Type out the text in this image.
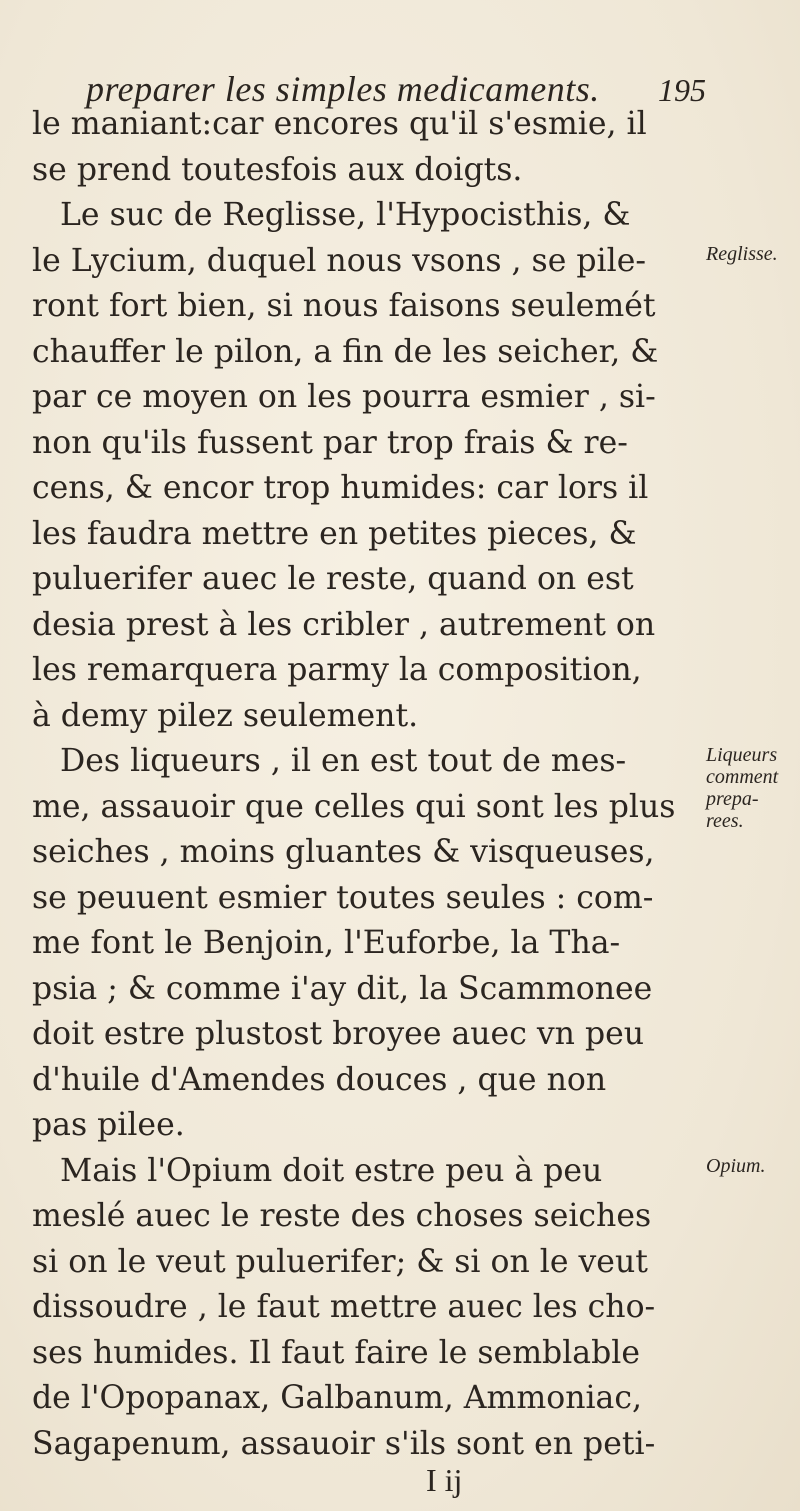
preparer les simples medicaments. 195
le maniant:car encores qu'il s'esmie, il
se prend toutesfois aux doigts.
Le suc de Reglisse, l'Hypocisthis, &
le Lycium, duquel nous vsons , se pile-
ront fort bien, si nous faisons seulemét
chauffer le pilon, a fin de les seicher, &
par ce moyen on les pourra esmier , si-
non qu'ils fussent par trop frais & re-
cens, & encor trop humides: car lors il
les faudra mettre en petites pieces, &
puluerifer auec le reste, quand on est
desia prest à les cribler , autrement on
les remarquera parmy la composition,
à demy pilez seulement.
Des liqueurs , il en est tout de mes-
me, assauoir que celles qui sont les plus
seiches , moins gluantes & visqueuses,
se peuuent esmier toutes seules : com-
me font le Benjoin, l'Euforbe, la Tha-
psia ; & comme i'ay dit, la Scammonee
doit estre plustost broyee auec vn peu
d'huile d'Amendes douces , que non
pas pilee.
Mais l'Opium doit estre peu à peu
meslé auec le reste des choses seiches
si on le veut puluerifer; & si on le veut
dissoudre , le faut mettre auec les cho-
ses humides. Il faut faire le semblable
de l'Opopanax, Galbanum, Ammoniac,
Sagapenum, assauoir s'ils sont en peti-
Reglisse.
Liqueurs
comment
prepa-
rees.
Opium.
I ij
